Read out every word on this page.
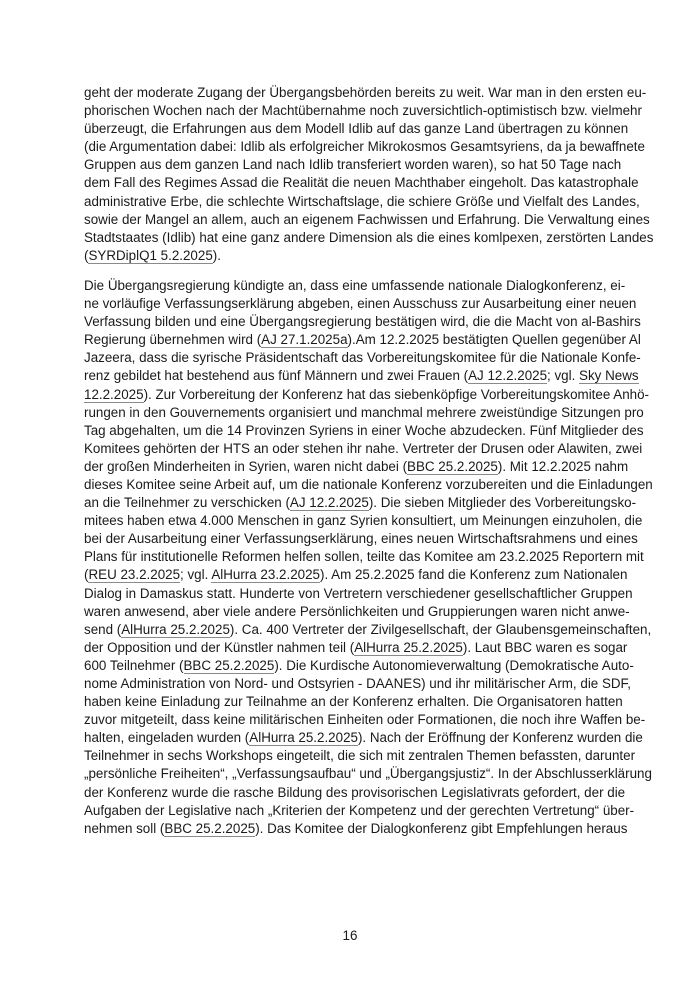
geht der moderate Zugang der Übergangsbehörden bereits zu weit. War man in den ersten eu-
phorischen Wochen nach der Machtübernahme noch zuversichtlich-optimistisch bzw. vielmehr
überzeugt, die Erfahrungen aus dem Modell Idlib auf das ganze Land übertragen zu können
(die Argumentation dabei: Idlib als erfolgreicher Mikrokosmos Gesamtsyriens, da ja bewaffnete
Gruppen aus dem ganzen Land nach Idlib transferiert worden waren), so hat 50 Tage nach
dem Fall des Regimes Assad die Realität die neuen Machthaber eingeholt. Das katastrophale
administrative Erbe, die schlechte Wirtschaftslage, die schiere Größe und Vielfalt des Landes,
sowie der Mangel an allem, auch an eigenem Fachwissen und Erfahrung. Die Verwaltung eines
Stadtstaates (Idlib) hat eine ganz andere Dimension als die eines komlpexen, zerstörten Landes
(SYRDiplQ1 5.2.2025).
Die Übergangsregierung kündigte an, dass eine umfassende nationale Dialogkonferenz, ei-
ne vorläufige Verfassungserklärung abgeben, einen Ausschuss zur Ausarbeitung einer neuen
Verfassung bilden und eine Übergangsregierung bestätigen wird, die die Macht von al-Bashirs
Regierung übernehmen wird (AJ 27.1.2025a).Am 12.2.2025 bestätigten Quellen gegenüber Al
Jazeera, dass die syrische Präsidentschaft das Vorbereitungskomitee für die Nationale Konfe-
renz gebildet hat bestehend aus fünf Männern und zwei Frauen (AJ 12.2.2025; vgl. Sky News
12.2.2025). Zur Vorbereitung der Konferenz hat das siebenköpfige Vorbereitungskomitee Anhö-
rungen in den Gouvernements organisiert und manchmal mehrere zweistündige Sitzungen pro
Tag abgehalten, um die 14 Provinzen Syriens in einer Woche abzudecken. Fünf Mitglieder des
Komitees gehörten der HTS an oder stehen ihr nahe. Vertreter der Drusen oder Alawiten, zwei
der großen Minderheiten in Syrien, waren nicht dabei (BBC 25.2.2025). Mit 12.2.2025 nahm
dieses Komitee seine Arbeit auf, um die nationale Konferenz vorzubereiten und die Einladungen
an die Teilnehmer zu verschicken (AJ 12.2.2025). Die sieben Mitglieder des Vorbereitungsko-
mitees haben etwa 4.000 Menschen in ganz Syrien konsultiert, um Meinungen einzuholen, die
bei der Ausarbeitung einer Verfassungserklärung, eines neuen Wirtschaftsrahmens und eines
Plans für institutionelle Reformen helfen sollen, teilte das Komitee am 23.2.2025 Reportern mit
(REU 23.2.2025; vgl. AlHurra 23.2.2025). Am 25.2.2025 fand die Konferenz zum Nationalen
Dialog in Damaskus statt. Hunderte von Vertretern verschiedener gesellschaftlicher Gruppen
waren anwesend, aber viele andere Persönlichkeiten und Gruppierungen waren nicht anwe-
send (AlHurra 25.2.2025). Ca. 400 Vertreter der Zivilgesellschaft, der Glaubensgemeinschaften,
der Opposition und der Künstler nahmen teil (AlHurra 25.2.2025). Laut BBC waren es sogar
600 Teilnehmer (BBC 25.2.2025). Die Kurdische Autonomieverwaltung (Demokratische Auto-
nome Administration von Nord- und Ostsyrien - DAANES) und ihr militärischer Arm, die SDF,
haben keine Einladung zur Teilnahme an der Konferenz erhalten. Die Organisatoren hatten
zuvor mitgeteilt, dass keine militärischen Einheiten oder Formationen, die noch ihre Waffen be-
halten, eingeladen wurden (AlHurra 25.2.2025). Nach der Eröffnung der Konferenz wurden die
Teilnehmer in sechs Workshops eingeteilt, die sich mit zentralen Themen befassten, darunter
„persönliche Freiheiten“, „Verfassungsaufbau“ und „Übergangsjustiz“. In der Abschlusserklärung
der Konferenz wurde die rasche Bildung des provisorischen Legislativrats gefordert, der die
Aufgaben der Legislative nach „Kriterien der Kompetenz und der gerechten Vertretung“ über-
nehmen soll (BBC 25.2.2025). Das Komitee der Dialogkonferenz gibt Empfehlungen heraus
16
